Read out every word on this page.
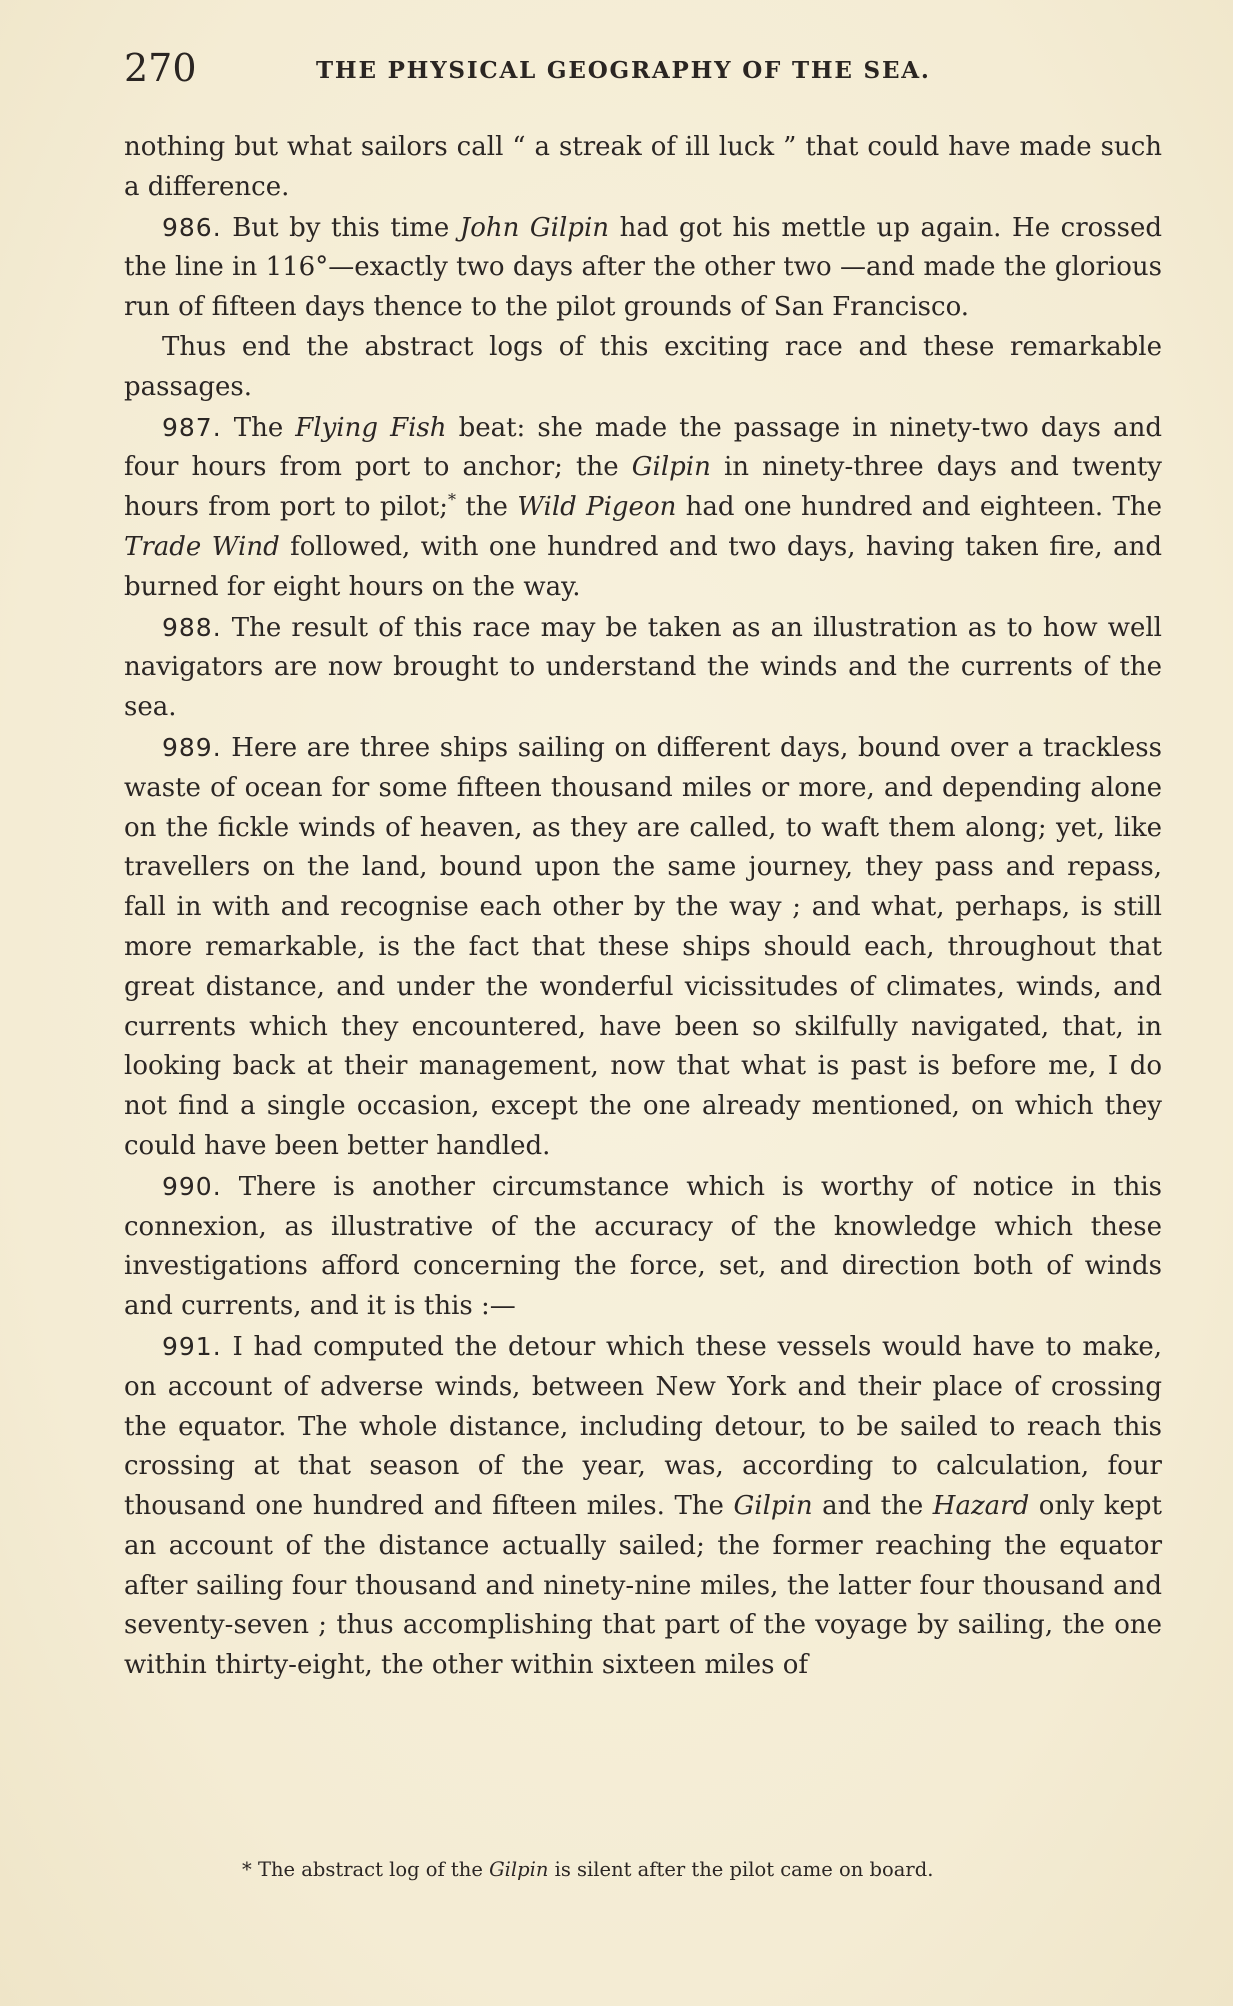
270	THE PHYSICAL GEOGRAPHY OF THE SEA.

nothing but what sailors call “ a streak of ill luck ” that could have made such a difference.

986. But by this time John Gilpin had got his mettle up again. He crossed the line in 116°—exactly two days after the other two —and made the glorious run of fifteen days thence to the pilot grounds of San Francisco.

Thus end the abstract logs of this exciting race and these remarkable passages.

987. The Flying Fish beat: she made the passage in ninety-two days and four hours from port to anchor; the Gilpin in ninety-three days and twenty hours from port to pilot;* the Wild Pigeon had one hundred and eighteen. The Trade Wind followed, with one hundred and two days, having taken fire, and burned for eight hours on the way.

988. The result of this race may be taken as an illustration as to how well navigators are now brought to understand the winds and the currents of the sea.

989. Here are three ships sailing on different days, bound over a trackless waste of ocean for some fifteen thousand miles or more, and depending alone on the fickle winds of heaven, as they are called, to waft them along; yet, like travellers on the land, bound upon the same journey, they pass and repass, fall in with and recognise each other by the way ; and what, perhaps, is still more remarkable, is the fact that these ships should each, throughout that great distance, and under the wonderful vicissitudes of climates, winds, and currents which they encountered, have been so skilfully navigated, that, in looking back at their management, now that what is past is before me, I do not find a single occasion, except the one already mentioned, on which they could have been better handled.

990. There is another circumstance which is worthy of notice in this connexion, as illustrative of the accuracy of the knowledge which these investigations afford concerning the force, set, and direction both of winds and currents, and it is this :—

991. I had computed the detour which these vessels would have to make, on account of adverse winds, between New York and their place of crossing the equator. The whole distance, including detour, to be sailed to reach this crossing at that season of the year, was, according to calculation, four thousand one hundred and fifteen miles. The Gilpin and the Hazard only kept an account of the distance actually sailed; the former reaching the equator after sailing four thousand and ninety-nine miles, the latter four thousand and seventy-seven ; thus accomplishing that part of the voyage by sailing, the one within thirty-eight, the other within sixteen miles of

* The abstract log of the Gilpin is silent after the pilot came on board.
